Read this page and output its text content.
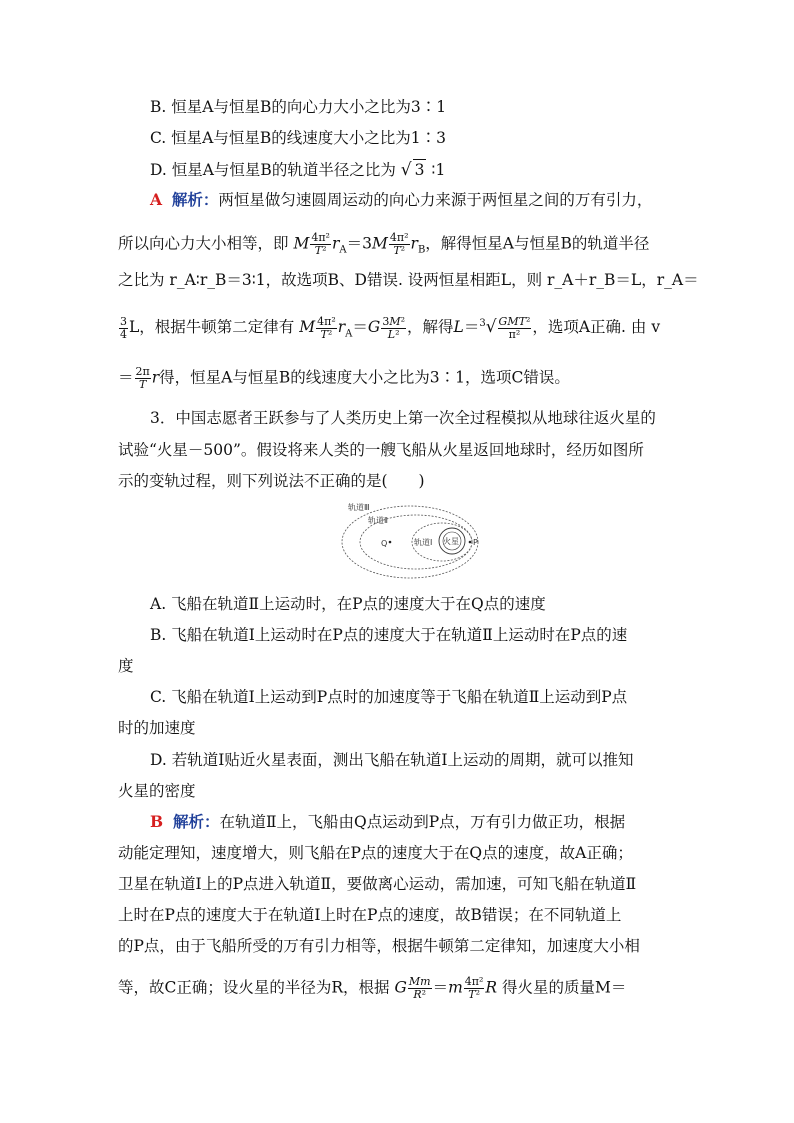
B. 恒星A与恒星B的向心力大小之比为3∶1
C. 恒星A与恒星B的线速度大小之比为1∶3
D. 恒星A与恒星B的轨道半径之比为 √ 3 ∶1
A 解析：两恒星做匀速圆周运动的向心力来源于两恒星之间的万有引力，
所以向心力大小相等，即 M $\frac{\text{4π²}}{\text{T²}} r_A=3M \frac{\text{4π²}}{\text{T²}} r_B$，解得恒星A与恒星B的轨道半径
之比为 r_A∶r_B＝3∶1，故选项B、D错误. 设两恒星相距L，则 r_A＋r_B＝L，r_A＝
$\frac{3}{4}$ L，根据牛顿第二定律有 M $\frac{\text{4π²}}{\text{T²}} r_A=G \frac{\text{3M²}}{\text{L²}}$ ，解得$L=^3√ \frac{\text{GMT²}}{\text{π²}}$ ，选项A正确. 由 v
＝ $\frac{2\pi}{T}$ r得，恒星A与恒星B的线速度大小之比为3∶1，选项C错误。
3．中国志愿者王跃参与了人类历史上第一次全过程模拟从地球往返火星的
试验“火星－500”。假设将来人类的一艘飞船从火星返回地球时，经历如图所
示的变轨过程，则下列说法不正确的是(　　)
轨道Ⅲ
轨道Ⅱ
轨道Ⅰ 火星
Q	P
A. 飞船在轨道Ⅱ上运动时，在P点的速度大于在Q点的速度
B. 飞船在轨道Ⅰ上运动时在P点的速度大于在轨道Ⅱ上运动时在P点的速
度
C. 飞船在轨道Ⅰ上运动到P点时的加速度等于飞船在轨道Ⅱ上运动到P点
时的加速度
D. 若轨道Ⅰ贴近火星表面，测出飞船在轨道Ⅰ上运动的周期，就可以推知
火星的密度
B 解析：在轨道Ⅱ上，飞船由Q点运动到P点，万有引力做正功，根据
动能定理知，速度增大，则飞船在P点的速度大于在Q点的速度，故A正确；
卫星在轨道Ⅰ上的P点进入轨道Ⅱ，要做离心运动，需加速，可知飞船在轨道Ⅱ
上时在P点的速度大于在轨道Ⅰ上时在P点的速度，故B错误；在不同轨道上
的P点，由于飞船所受的万有引力相等，根据牛顿第二定律知，加速度大小相
等，故C正确；设火星的半径为R，根据 G $\frac{Mm}{\text{R²}} =m \frac{\text{4π²}}{\text{T²}}$ R 得火星的质量M＝
